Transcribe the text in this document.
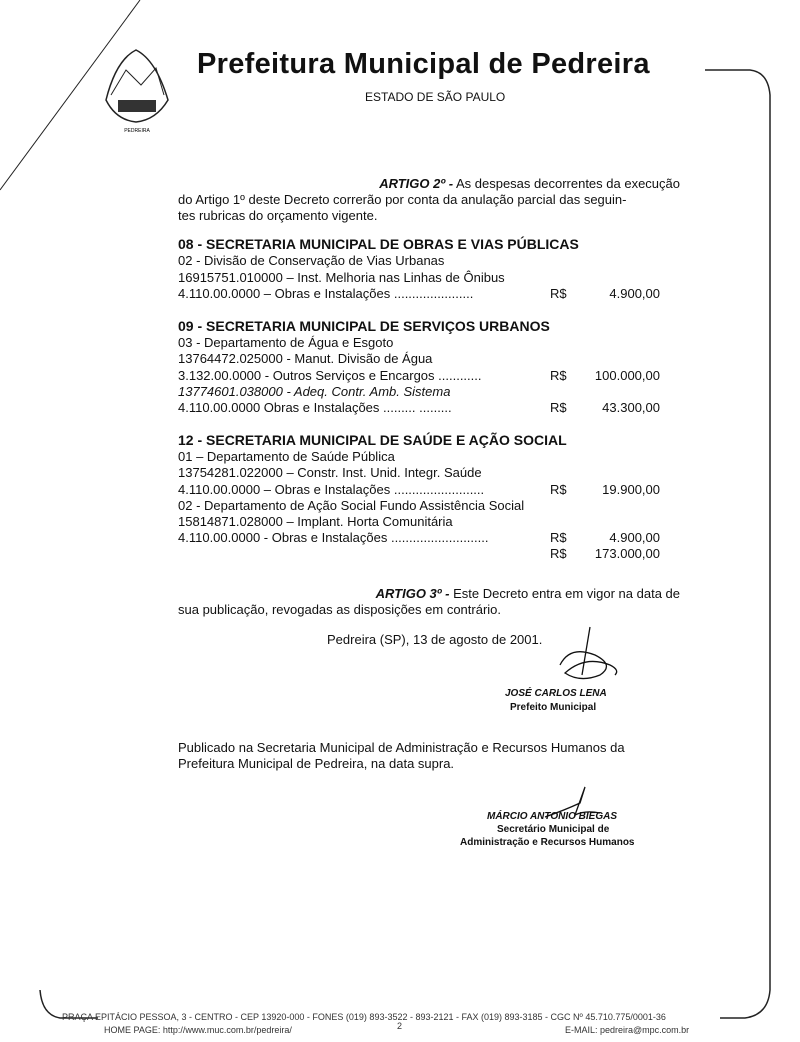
PEDREIRA
Prefeitura Municipal de Pedreira
ESTADO DE SÃO PAULO
ARTIGO 2º - As despesas decorrentes da execução
do Artigo 1º deste Decreto correrão por conta da anulação parcial das seguin-
tes rubricas do orçamento vigente.
08 - SECRETARIA MUNICIPAL DE OBRAS E VIAS PÚBLICAS
02 - Divisão de Conservação de Vias Urbanas
16915751.010000 – Inst. Melhoria nas Linhas de Ônibus
4.110.00.0000 – Obras e Instalações ......................	R$	4.900,00
09 - SECRETARIA MUNICIPAL DE SERVIÇOS URBANOS
03 - Departamento de Água e Esgoto
13764472.025000 - Manut. Divisão de Água
3.132.00.0000 - Outros Serviços e Encargos ............	R$ 100.000,00
13774601.038000 - Adeq. Contr. Amb. Sistema
4.110.00.0000 Obras e Instalações ......... .........	R$	43.300,00
12 - SECRETARIA MUNICIPAL DE SAÚDE E AÇÃO SOCIAL
01 – Departamento de Saúde Pública
13754281.022000 – Constr. Inst. Unid. Integr. Saúde
4.110.00.0000 – Obras e Instalações .........................	R$	19.900,00
02 - Departamento de Ação Social Fundo Assistência Social
15814871.028000 – Implant. Horta Comunitária
4.110.00.0000 - Obras e Instalações ...........................	R$	4.900,00
R$ 173.000,00
ARTIGO 3º - Este Decreto entra em vigor na data de
sua publicação, revogadas as disposições em contrário.
Pedreira (SP), 13 de agosto de 2001.
JOSÉ CARLOS LENA
Prefeito Municipal
Publicado na Secretaria Municipal de Administração e Recursos Humanos da
Prefeitura Municipal de Pedreira, na data supra.
MÁRCIO ANTONIO BIEGAS
Secretário Municipal de
Administração e Recursos Humanos
PRAÇA EPITÁCIO PESSOA, 3 - CENTRO - CEP 13920-000 - FONES (019) 893-3522 - 893-2121 - FAX (019) 893-3185 - CGC Nº 45.710.775/0001-36
HOME PAGE: http://www.muc.com.br/pedreira/	2	E-MAIL: pedreira@mpc.com.br
